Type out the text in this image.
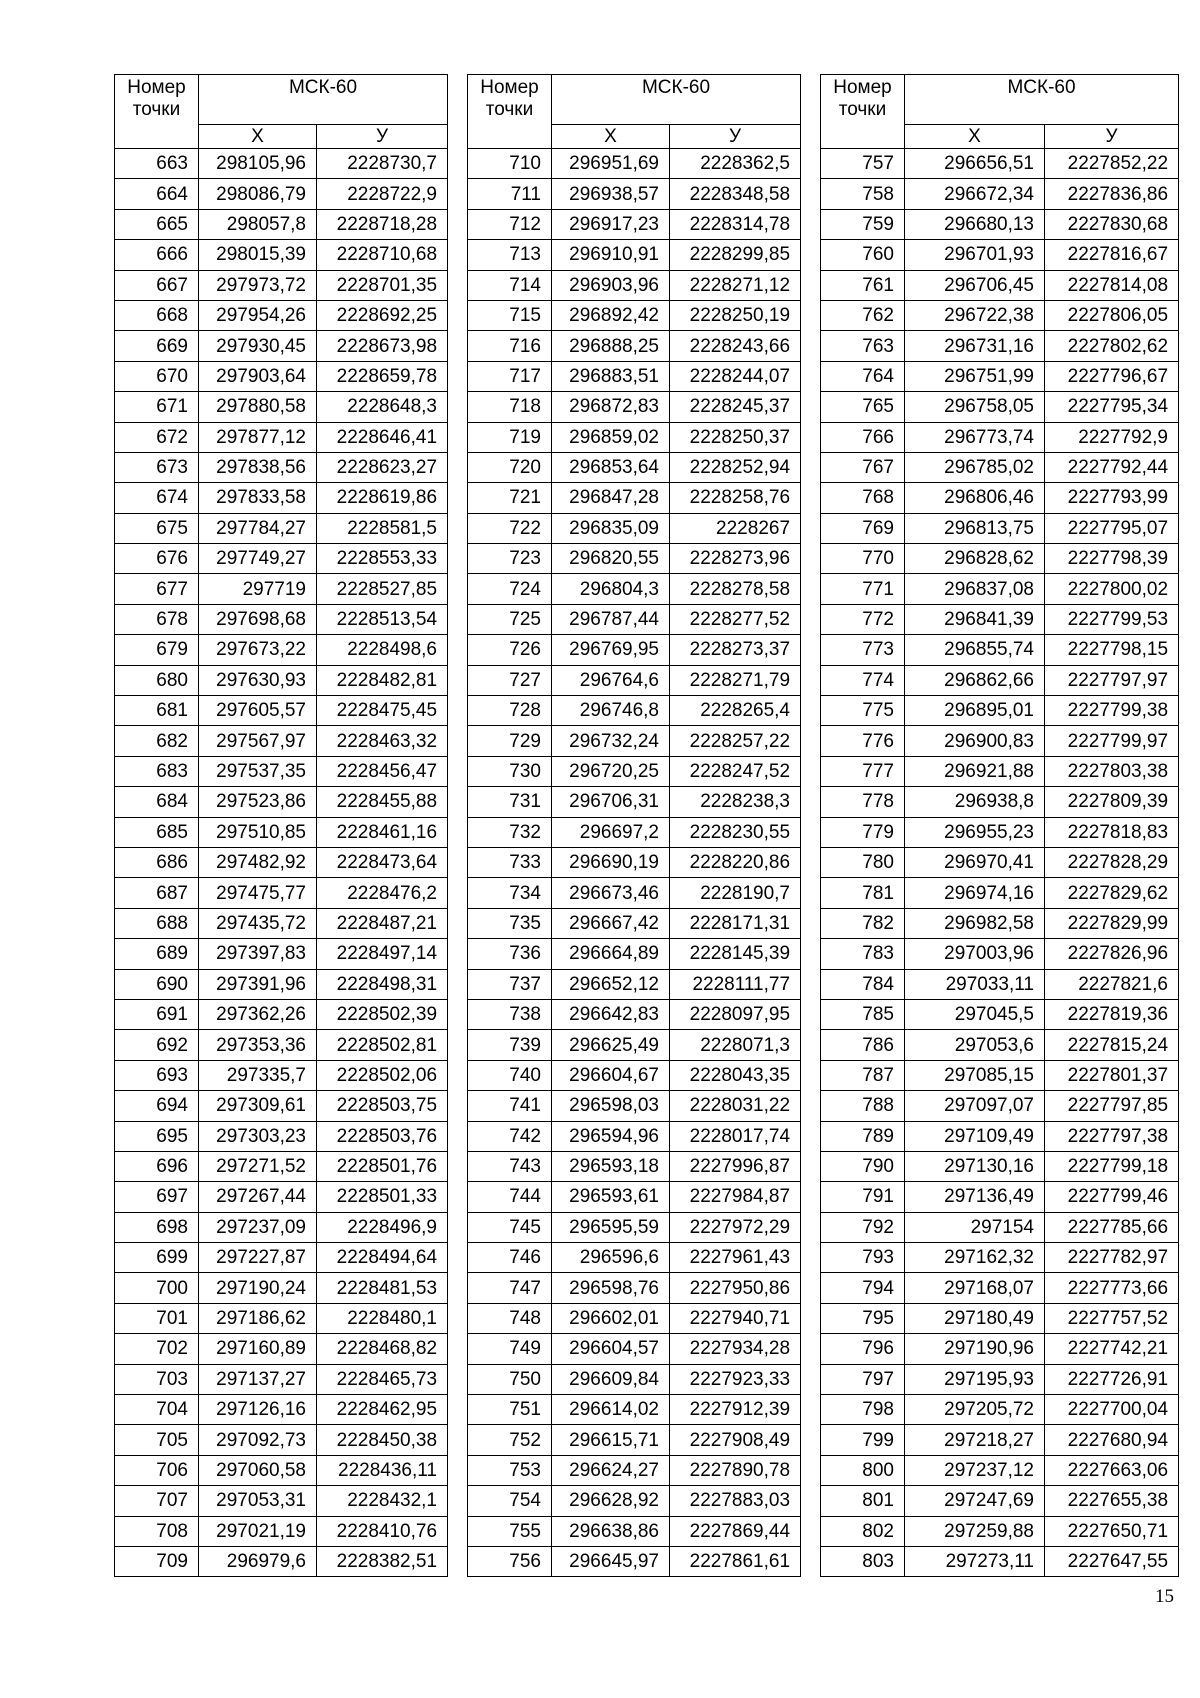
Номер точки	МСК-60	
	Х	У
663	298105,96	2228730,7
664	298086,79	2228722,9
665	298057,8	2228718,28
666	298015,39	2228710,68
667	297973,72	2228701,35
668	297954,26	2228692,25
669	297930,45	2228673,98
670	297903,64	2228659,78
671	297880,58	2228648,3
672	297877,12	2228646,41
673	297838,56	2228623,27
674	297833,58	2228619,86
675	297784,27	2228581,5
676	297749,27	2228553,33
677	297719	2228527,85
678	297698,68	2228513,54
679	297673,22	2228498,6
680	297630,93	2228482,81
681	297605,57	2228475,45
682	297567,97	2228463,32
683	297537,35	2228456,47
684	297523,86	2228455,88
685	297510,85	2228461,16
686	297482,92	2228473,64
687	297475,77	2228476,2
688	297435,72	2228487,21
689	297397,83	2228497,14
690	297391,96	2228498,31
691	297362,26	2228502,39
692	297353,36	2228502,81
693	297335,7	2228502,06
694	297309,61	2228503,75
695	297303,23	2228503,76
696	297271,52	2228501,76
697	297267,44	2228501,33
698	297237,09	2228496,9
699	297227,87	2228494,64
700	297190,24	2228481,53
701	297186,62	2228480,1
702	297160,89	2228468,82
703	297137,27	2228465,73
704	297126,16	2228462,95
705	297092,73	2228450,38
706	297060,58	2228436,11
707	297053,31	2228432,1
708	297021,19	2228410,76
709	296979,6	2228382,51
Номер точки	МСК-60	
	Х	У
710	296951,69	2228362,5
711	296938,57	2228348,58
712	296917,23	2228314,78
713	296910,91	2228299,85
714	296903,96	2228271,12
715	296892,42	2228250,19
716	296888,25	2228243,66
717	296883,51	2228244,07
718	296872,83	2228245,37
719	296859,02	2228250,37
720	296853,64	2228252,94
721	296847,28	2228258,76
722	296835,09	2228267
723	296820,55	2228273,96
724	296804,3	2228278,58
725	296787,44	2228277,52
726	296769,95	2228273,37
727	296764,6	2228271,79
728	296746,8	2228265,4
729	296732,24	2228257,22
730	296720,25	2228247,52
731	296706,31	2228238,3
732	296697,2	2228230,55
733	296690,19	2228220,86
734	296673,46	2228190,7
735	296667,42	2228171,31
736	296664,89	2228145,39
737	296652,12	2228111,77
738	296642,83	2228097,95
739	296625,49	2228071,3
740	296604,67	2228043,35
741	296598,03	2228031,22
742	296594,96	2228017,74
743	296593,18	2227996,87
744	296593,61	2227984,87
745	296595,59	2227972,29
746	296596,6	2227961,43
747	296598,76	2227950,86
748	296602,01	2227940,71
749	296604,57	2227934,28
750	296609,84	2227923,33
751	296614,02	2227912,39
752	296615,71	2227908,49
753	296624,27	2227890,78
754	296628,92	2227883,03
755	296638,86	2227869,44
756	296645,97	2227861,61
Номер точки	МСК-60	
	Х	У
757	296656,51	2227852,22
758	296672,34	2227836,86
759	296680,13	2227830,68
760	296701,93	2227816,67
761	296706,45	2227814,08
762	296722,38	2227806,05
763	296731,16	2227802,62
764	296751,99	2227796,67
765	296758,05	2227795,34
766	296773,74	2227792,9
767	296785,02	2227792,44
768	296806,46	2227793,99
769	296813,75	2227795,07
770	296828,62	2227798,39
771	296837,08	2227800,02
772	296841,39	2227799,53
773	296855,74	2227798,15
774	296862,66	2227797,97
775	296895,01	2227799,38
776	296900,83	2227799,97
777	296921,88	2227803,38
778	296938,8	2227809,39
779	296955,23	2227818,83
780	296970,41	2227828,29
781	296974,16	2227829,62
782	296982,58	2227829,99
783	297003,96	2227826,96
784	297033,11	2227821,6
785	297045,5	2227819,36
786	297053,6	2227815,24
787	297085,15	2227801,37
788	297097,07	2227797,85
789	297109,49	2227797,38
790	297130,16	2227799,18
791	297136,49	2227799,46
792	297154	2227785,66
793	297162,32	2227782,97
794	297168,07	2227773,66
795	297180,49	2227757,52
796	297190,96	2227742,21
797	297195,93	2227726,91
798	297205,72	2227700,04
799	297218,27	2227680,94
800	297237,12	2227663,06
801	297247,69	2227655,38
802	297259,88	2227650,71
803	297273,11	2227647,55
15
